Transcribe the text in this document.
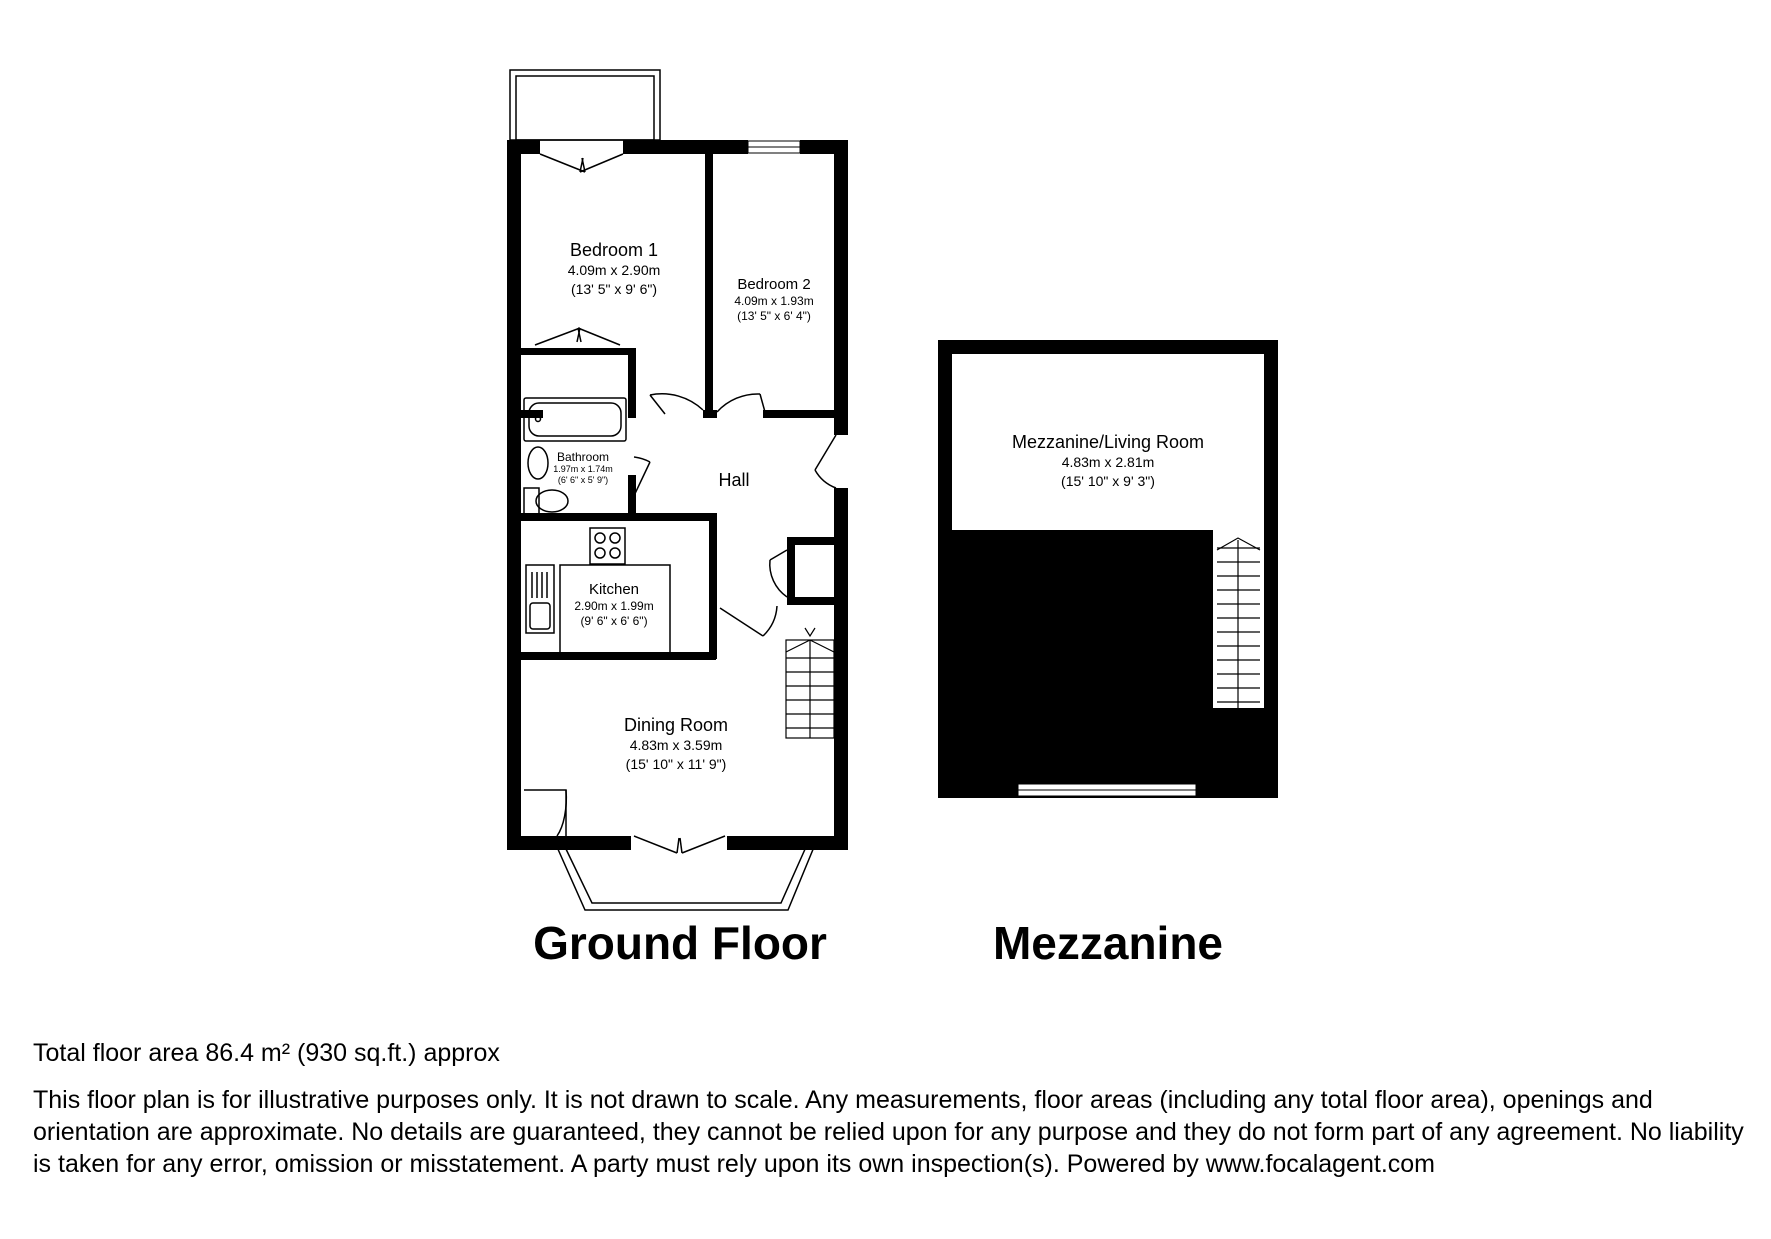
Bedroom 1
4.09m x 2.90m
(13' 5" x 9' 6")	Bedroom 2
4.09m x 1.93m
(13' 5" x 6' 4")
Bathroom
1.97m x 1.74m
(6' 6" x 5' 9")	Hall
Kitchen
2.90m x 1.99m
(9' 6" x 6' 6")
Dining Room
4.83m x 3.59m
(15' 10" x 11' 9")
Ground Floor
Mezzanine/Living Room
4.83m x 2.81m
(15' 10" x 9' 3")
Mezzanine

Total floor area 86.4 m² (930 sq.ft.) approx

This floor plan is for illustrative purposes only. It is not drawn to scale. Any measurements, floor areas (including any total floor area), openings and orientation are approximate. No details are guaranteed, they cannot be relied upon for any purpose and they do not form part of any agreement. No liability is taken for any error, omission or misstatement. A party must rely upon its own inspection(s). Powered by www.focalagent.com
